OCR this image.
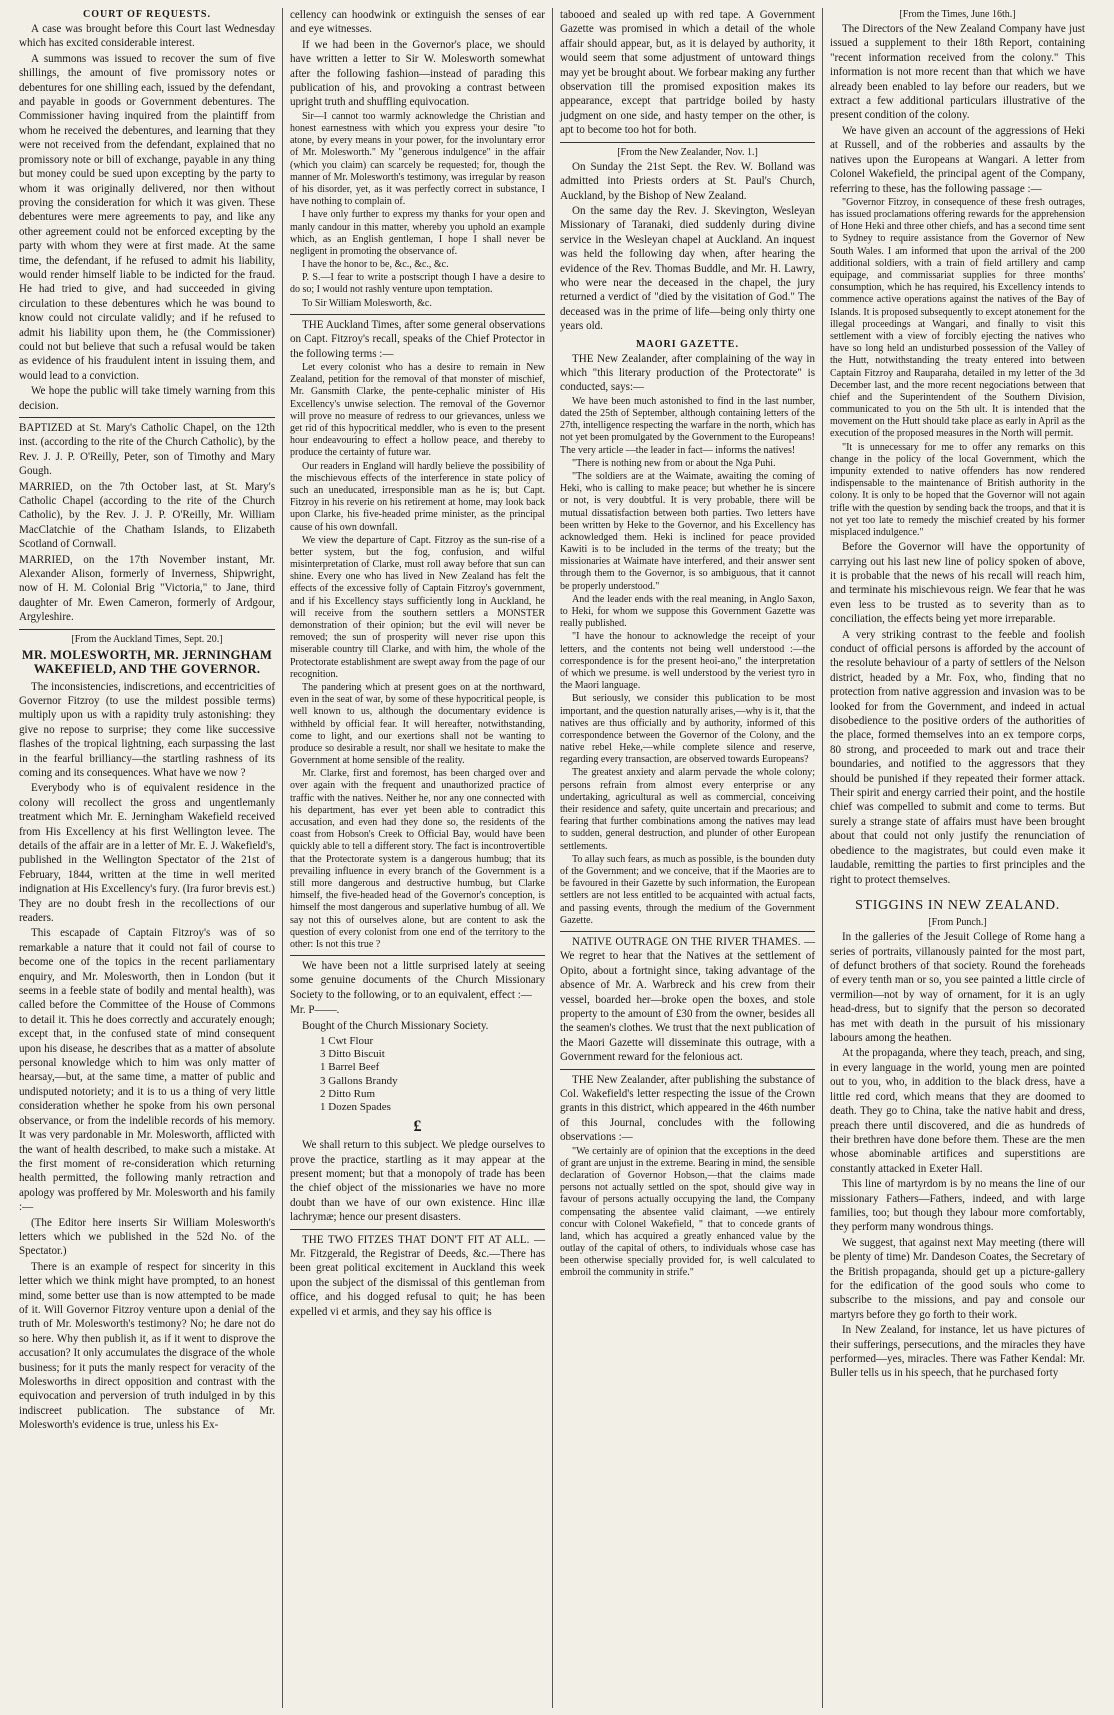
COURT OF REQUESTS.

A case was brought before this Court last Wednesday which has excited considerable interest.

A summons was issued to recover the sum of five shillings, the amount of five promissory notes or debentures for one shilling each, issued by the defendant, and payable in goods or Government debentures. The Commissioner having inquired from the plaintiff from whom he received the debentures, and learning that they were not received from the defendant, explained that no promissory note or bill of exchange, payable in any thing but money could be sued upon excepting by the party to whom it was originally delivered, nor then without proving the consideration for which it was given. These debentures were mere agreements to pay, and like any other agreement could not be enforced excepting by the party with whom they were at first made. At the same time, the defendant, if he refused to admit his liability, would render himself liable to be indicted for the fraud. He had tried to give, and had succeeded in giving circulation to these debentures which he was bound to know could not circulate validly; and if he refused to admit his liability upon them, he (the Commissioner) could not but believe that such a refusal would be taken as evidence of his fraudulent intent in issuing them, and would lead to a conviction.

We hope the public will take timely warning from this decision.

BAPTIZED at St. Mary's Catholic Chapel, on the 12th inst. (according to the rite of the Church Catholic), by the Rev. J. J. P. O'Reilly, Peter, son of Timothy and Mary Gough.

MARRIED, on the 7th October last, at St. Mary's Catholic Chapel (according to the rite of the Church Catholic), by the Rev. J. J. P. O'Reilly, Mr. William MacClatchie of the Chatham Islands, to Elizabeth Scotland of Cornwall.

MARRIED, on the 17th November instant, Mr. Alexander Alison, formerly of Inverness, Shipwright, now of H. M. Colonial Brig "Victoria," to Jane, third daughter of Mr. Ewen Cameron, formerly of Ardgour, Argyleshire.

[From the Auckland Times, Sept. 20.]
MR. MOLESWORTH, MR. JERNINGHAM WAKEFIELD, AND THE GOVERNOR.

The inconsistencies, indiscretions, and eccentricities of Governor Fitzroy (to use the mildest possible terms) multiply upon us with a rapidity truly astonishing: they give no repose to surprise; they come like successive flashes of the tropical lightning, each surpassing the last in the fearful brilliancy—the startling rashness of its coming and its consequences. What have we now ?

Everybody who is of equivalent residence in the colony will recollect the gross and ungentlemanly treatment which Mr. E. Jerningham Wakefield received from His Excellency at his first Wellington levee. The details of the affair are in a letter of Mr. E. J. Wakefield's, published in the Wellington Spectator of the 21st of February, 1844, written at the time in well merited indignation at His Excellency's fury. (Ira furor brevis est.) They are no doubt fresh in the recollections of our readers.

This escapade of Captain Fitzroy's was of so remarkable a nature that it could not fail of course to become one of the topics in the recent parliamentary enquiry, and Mr. Molesworth, then in London (but it seems in a feeble state of bodily and mental health), was called before the Committee of the House of Commons to detail it. This he does correctly and accurately enough; except that, in the confused state of mind consequent upon his disease, he describes that as a matter of absolute personal knowledge which to him was only matter of hearsay,—but, at the same time, a matter of public and undisputed notoriety; and it is to us a thing of very little consideration whether he spoke from his own personal observance, or from the indelible records of his memory. It was very pardonable in Mr. Molesworth, afflicted with the want of health described, to make such a mistake. At the first moment of re-consideration which returning health permitted, the following manly retraction and apology was proffered by Mr. Molesworth and his family :—

(The Editor here inserts Sir William Molesworth's letters which we published in the 52d No. of the Spectator.)

There is an example of respect for sincerity in this letter which we think might have prompted, to an honest mind, some better use than is now attempted to be made of it. Will Governor Fitzroy venture upon a denial of the truth of Mr. Molesworth's testimony? No; he dare not do so here. Why then publish it, as if it went to disprove the accusation? It only accumulates the disgrace of the whole business; for it puts the manly respect for veracity of the Molesworths in direct opposition and contrast with the equivocation and perversion of truth indulged in by this indiscreet publication. The substance of Mr. Molesworth's evidence is true, unless his Ex-

cellency can hoodwink or extinguish the senses of ear and eye witnesses.

If we had been in the Governor's place, we should have written a letter to Sir W. Molesworth somewhat after the following fashion—instead of parading this publication of his, and provoking a contrast between upright truth and shuffling equivocation.

Sir—I cannot too warmly acknowledge the Christian and honest earnestness with which you express your desire "to atone, by every means in your power, for the involuntary error of Mr. Molesworth." My "generous indulgence" in the affair (which you claim) can scarcely be requested; for, though the manner of Mr. Molesworth's testimony, was irregular by reason of his disorder, yet, as it was perfectly correct in substance, I have nothing to complain of.

I have only further to express my thanks for your open and manly candour in this matter, whereby you uphold an example which, as an English gentleman, I hope I shall never be negligent in promoting the observance of.

I have the honor to be, &c., &c., &c.

P. S.—I fear to write a postscript though I have a desire to do so; I would not rashly venture upon temptation.

To Sir William Molesworth, &c.

THE Auckland Times, after some general observations on Capt. Fitzroy's recall, speaks of the Chief Protector in the following terms :—

Let every colonist who has a desire to remain in New Zealand, petition for the removal of that monster of mischief, Mr. Gansmith Clarke, the pente-cephalic minister of His Excellency's unwise selection. The removal of the Governor will prove no measure of redress to our grievances, unless we get rid of this hypocritical meddler, who is even to the present hour endeavouring to effect a hollow peace, and thereby to produce the certainty of future war.

Our readers in England will hardly believe the possibility of the mischievous effects of the interference in state policy of such an uneducated, irresponsible man as he is; but Capt. Fitzroy in his reverie on his retirement at home, may look back upon Clarke, his five-headed prime minister, as the principal cause of his own downfall.

We view the departure of Capt. Fitzroy as the sun-rise of a better system, but the fog, confusion, and wilful misinterpretation of Clarke, must roll away before that sun can shine. Every one who has lived in New Zealand has felt the effects of the excessive folly of Captain Fitzroy's government, and if his Excellency stays sufficiently long in Auckland, he will receive from the southern settlers a MONSTER demonstration of their opinion; but the evil will never be removed; the sun of prosperity will never rise upon this miserable country till Clarke, and with him, the whole of the Protectorate establishment are swept away from the page of our recognition.

The pandering which at present goes on at the northward, even in the seat of war, by some of these hypocritical people, is well known to us, although the documentary evidence is withheld by official fear. It will hereafter, notwithstanding, come to light, and our exertions shall not be wanting to produce so desirable a result, nor shall we hesitate to make the Government at home sensible of the reality.

Mr. Clarke, first and foremost, has been charged over and over again with the frequent and unauthorized practice of traffic with the natives. Neither he, nor any one connected with his department, has ever yet been able to contradict this accusation, and even had they done so, the residents of the coast from Hobson's Creek to Official Bay, would have been quickly able to tell a different story. The fact is incontrovertible that the Protectorate system is a dangerous humbug; that its prevailing influence in every branch of the Government is a still more dangerous and destructive humbug, but Clarke himself, the five-headed head of the Governor's conception, is himself the most dangerous and superlative humbug of all. We say not this of ourselves alone, but are content to ask the question of every colonist from one end of the territory to the other: Is not this true ?

We have been not a little surprised lately at seeing some genuine documents of the Church Missionary Society to the following, or to an equivalent, effect :—

Mr. P——.

Bought of the Church Missionary Society.

1 Cwt Flour
3 Ditto Biscuit
1 Barrel Beef
3 Gallons Brandy
2 Ditto Rum
1 Dozen Spades
£

We shall return to this subject. We pledge ourselves to prove the practice, startling as it may appear at the present moment; but that a monopoly of trade has been the chief object of the missionaries we have no more doubt than we have of our own existence. Hinc illæ lachrymæ; hence our present disasters.

THE TWO FITZES THAT DON'T FIT AT ALL. —Mr. Fitzgerald, the Registrar of Deeds, &c.—There has been great political excitement in Auckland this week upon the subject of the dismissal of this gentleman from office, and his dogged refusal to quit; he has been expelled vi et armis, and they say his office is

tabooed and sealed up with red tape. A Government Gazette was promised in which a detail of the whole affair should appear, but, as it is delayed by authority, it would seem that some adjustment of untoward things may yet be brought about. We forbear making any further observation till the promised exposition makes its appearance, except that partridge boiled by hasty judgment on one side, and hasty temper on the other, is apt to become too hot for both.

[From the New Zealander, Nov. 1.]

On Sunday the 21st Sept. the Rev. W. Bolland was admitted into Priests orders at St. Paul's Church, Auckland, by the Bishop of New Zealand.

On the same day the Rev. J. Skevington, Wesleyan Missionary of Taranaki, died suddenly during divine service in the Wesleyan chapel at Auckland. An inquest was held the following day when, after hearing the evidence of the Rev. Thomas Buddle, and Mr. H. Lawry, who were near the deceased in the chapel, the jury returned a verdict of "died by the visitation of God." The deceased was in the prime of life—being only thirty one years old.

MAORI GAZETTE.

THE New Zealander, after complaining of the way in which "this literary production of the Protectorate" is conducted, says:—

We have been much astonished to find in the last number, dated the 25th of September, although containing letters of the 27th, intelligence respecting the warfare in the north, which has not yet been promulgated by the Government to the Europeans! The very article —the leader in fact— informs the natives!

"There is nothing new from or about the Nga Puhi.

"The soldiers are at the Waimate, awaiting the coming of Heki, who is calling to make peace; but whether he is sincere or not, is very doubtful. It is very probable, there will be mutual dissatisfaction between both parties. Two letters have been written by Heke to the Governor, and his Excellency has acknowledged them. Heki is inclined for peace provided Kawiti is to be included in the terms of the treaty; but the missionaries at Waimate have interfered, and their answer sent through them to the Governor, is so ambiguous, that it cannot be properly understood."

And the leader ends with the real meaning, in Anglo Saxon, to Heki, for whom we suppose this Government Gazette was really published.

"I have the honour to acknowledge the receipt of your letters, and the contents not being well understood :—the correspondence is for the present heoi-ano," the interpretation of which we presume. is well understood by the veriest tyro in the Maori language.

But seriously, we consider this publication to be most important, and the question naturally arises,—why is it, that the natives are thus officially and by authority, informed of this correspondence between the Governor of the Colony, and the native rebel Heke,—while complete silence and reserve, regarding every transaction, are observed towards Europeans?

The greatest anxiety and alarm pervade the whole colony; persons refrain from almost every enterprise or any undertaking, agricultural as well as commercial, conceiving their residence and safety, quite uncertain and precarious; and fearing that further combinations among the natives may lead to sudden, general destruction, and plunder of other European settlements.

To allay such fears, as much as possible, is the bounden duty of the Government; and we conceive, that if the Maories are to be favoured in their Gazette by such information, the European settlers are not less entitled to be acquainted with actual facts, and passing events, through the medium of the Government Gazette.

NATIVE OUTRAGE ON THE RIVER THAMES. —We regret to hear that the Natives at the settlement of Opito, about a fortnight since, taking advantage of the absence of Mr. A. Warbreck and his crew from their vessel, boarded her—broke open the boxes, and stole property to the amount of £30 from the owner, besides all the seamen's clothes. We trust that the next publication of the Maori Gazette will disseminate this outrage, with a Government reward for the felonious act.

THE New Zealander, after publishing the substance of Col. Wakefield's letter respecting the issue of the Crown grants in this district, which appeared in the 46th number of this Journal, concludes with the following observations :—

"We certainly are of opinion that the exceptions in the deed of grant are unjust in the extreme. Bearing in mind, the sensible declaration of Governor Hobson,—that the claims made persons not actually settled on the spot, should give way in favour of persons actually occupying the land, the Company compensating the absentee valid claimant, —we entirely concur with Colonel Wakefield, " that to concede grants of land, which has acquired a greatly enhanced value by the outlay of the capital of others, to individuals whose case has been otherwise specially provided for, is well calculated to embroil the community in strife."

[From the Times, June 16th.]

The Directors of the New Zealand Company have just issued a supplement to their 18th Report, containing "recent information received from the colony." This information is not more recent than that which we have already been enabled to lay before our readers, but we extract a few additional particulars illustrative of the present condition of the colony.

We have given an account of the aggressions of Heki at Russell, and of the robberies and assaults by the natives upon the Europeans at Wangari. A letter from Colonel Wakefield, the principal agent of the Company, referring to these, has the following passage :—

"Governor Fitzroy, in consequence of these fresh outrages, has issued proclamations offering rewards for the apprehension of Hone Heki and three other chiefs, and has a second time sent to Sydney to require assistance from the Governor of New South Wales. I am informed that upon the arrival of the 200 additional soldiers, with a train of field artillery and camp equipage, and commissariat supplies for three months' consumption, which he has required, his Excellency intends to commence active operations against the natives of the Bay of Islands. It is proposed subsequently to except atonement for the illegal proceedings at Wangari, and finally to visit this settlement with a view of forcibly ejecting the natives who have so long held an undisturbed possession of the Valley of the Hutt, notwithstanding the treaty entered into between Captain Fitzroy and Rauparaha, detailed in my letter of the 3d December last, and the more recent negociations between that chief and the Superintendent of the Southern Division, communicated to you on the 5th ult. It is intended that the movement on the Hutt should take place as early in April as the execution of the proposed measures in the North will permit.

"It is unnecessary for me to offer any remarks on this change in the policy of the local Government, which the impunity extended to native offenders has now rendered indispensable to the maintenance of British authority in the colony. It is only to be hoped that the Governor will not again trifle with the question by sending back the troops, and that it is not yet too late to remedy the mischief created by his former misplaced indulgence."

Before the Governor will have the opportunity of carrying out his last new line of policy spoken of above, it is probable that the news of his recall will reach him, and terminate his mischievous reign. We fear that he was even less to be trusted as to severity than as to conciliation, the effects being yet more irreparable.

A very striking contrast to the feeble and foolish conduct of official persons is afforded by the account of the resolute behaviour of a party of settlers of the Nelson district, headed by a Mr. Fox, who, finding that no protection from native aggression and invasion was to be looked for from the Government, and indeed in actual disobedience to the positive orders of the authorities of the place, formed themselves into an ex tempore corps, 80 strong, and proceeded to mark out and trace their boundaries, and notified to the aggressors that they should be punished if they repeated their former attack. Their spirit and energy carried their point, and the hostile chief was compelled to submit and come to terms. But surely a strange state of affairs must have been brought about that could not only justify the renunciation of obedience to the magistrates, but could even make it laudable, remitting the parties to first principles and the right to protect themselves.

STIGGINS IN NEW ZEALAND.
[From Punch.]

In the galleries of the Jesuit College of Rome hang a series of portraits, villanously painted for the most part, of defunct brothers of that society. Round the foreheads of every tenth man or so, you see painted a little circle of vermilion—not by way of ornament, for it is an ugly head-dress, but to signify that the person so decorated has met with death in the pursuit of his missionary labours among the heathen.

At the propaganda, where they teach, preach, and sing, in every language in the world, young men are pointed out to you, who, in addition to the black dress, have a little red cord, which means that they are doomed to death. They go to China, take the native habit and dress, preach there until discovered, and die as hundreds of their brethren have done before them. These are the men whose abominable artifices and superstitions are constantly attacked in Exeter Hall.

This line of martyrdom is by no means the line of our missionary Fathers—Fathers, indeed, and with large families, too; but though they labour more comfortably, they perform many wondrous things.

We suggest, that against next May meeting (there will be plenty of time) Mr. Dandeson Coates, the Secretary of the British propaganda, should get up a picture-gallery for the edification of the good souls who come to subscribe to the missions, and pay and console our martyrs before they go forth to their work.

In New Zealand, for instance, let us have pictures of their sufferings, persecutions, and the miracles they have performed—yes, miracles. There was Father Kendal: Mr. Buller tells us in his speech, that he purchased forty
